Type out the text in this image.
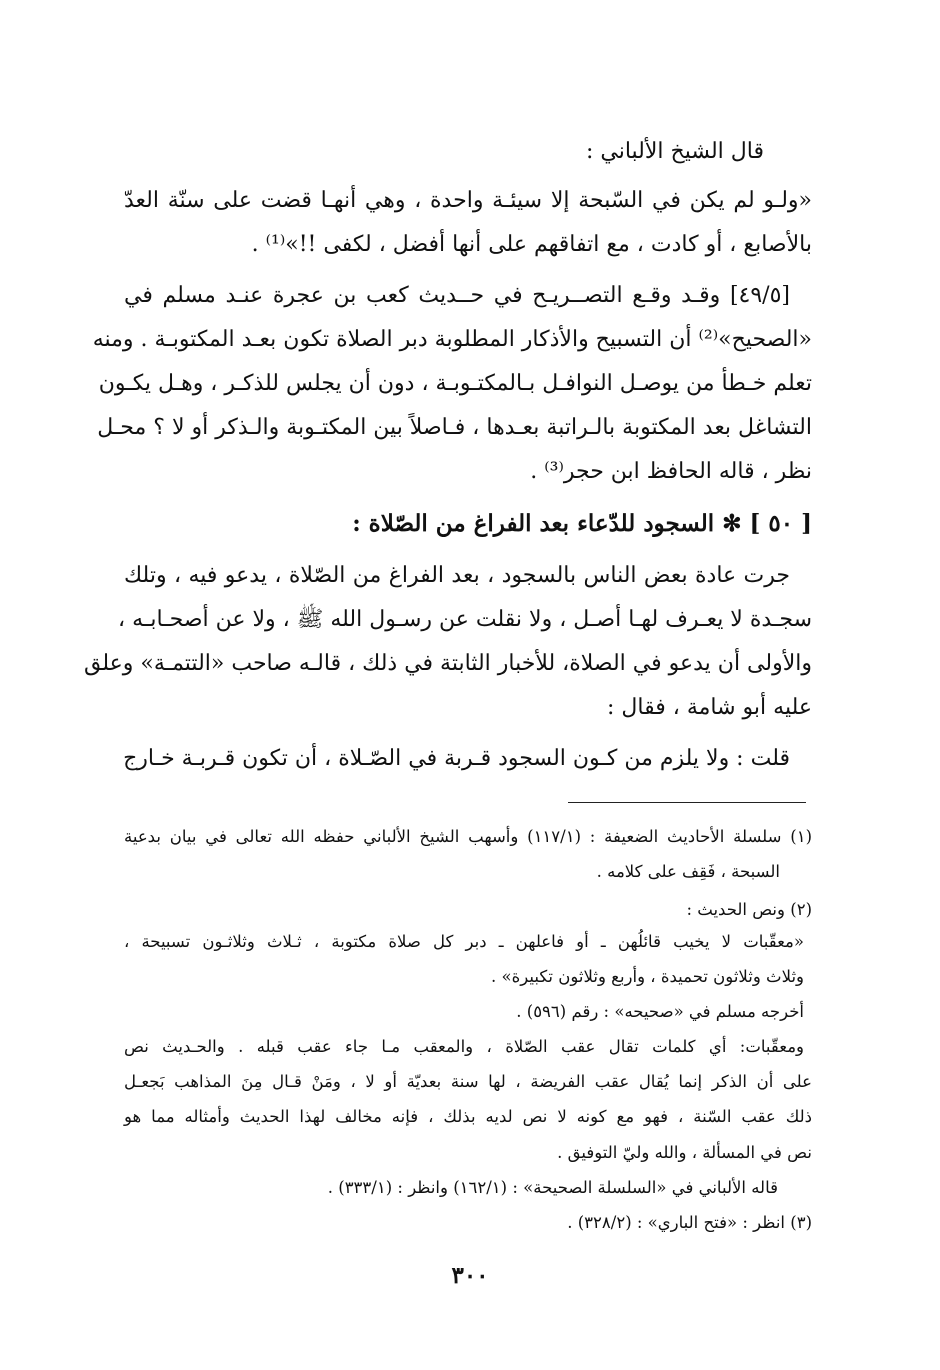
قال الشيخ الألباني :
«ولـو لم يكن في السّبحة إلا سيئـة واحدة ، وهي أنهـا قضت على سنّة العدّ
بالأصابع ، أو كادت ، مع اتفاقهم على أنها أفضل ، لكفى !!»⁽¹⁾ .
[٤٩/٥] وقـد وقـع التصــريـح في حــديث كعب بن عجرة عنـد مسلم في
«الصحيح»⁽²⁾ أن التسبيح والأذكار المطلوبة دبر الصلاة تكون بعـد المكتوبـة . ومنه
تعلم خـطأ من يوصـل النوافـل بـالمكتـوبـة ، دون أن يجلس للذكـر ، وهـل يكـون
التشاغل بعد المكتوبة بالـراتبة بعـدها ، فـاصلاً بين المكتـوبة والـذكر أو لا ؟ محـل
نظر ، قاله الحافظ ابن حجر⁽³⁾ .
[ ٥٠ ] ✻ السجود للدّعاء بعد الفراغ من الصّلاة :
جرت عادة بعض الناس بالسجود ، بعد الفراغ من الصّلاة ، يدعو فيه ، وتلك
سجـدة لا يعـرف لهـا أصـل ، ولا نقلت عن رسـول الله ﷺ ، ولا عن أصحـابـه ،
والأولى أن يدعو في الصلاة، للأخبار الثابتة في ذلك ، قالـه صاحب «التتمـة» وعلق
عليه أبو شامة ، فقال :
قلت : ولا يلزم من كـون السجود قـربة في الصّـلاة ، أن تكون قـربـة خـارج
(١) سلسلة الأحاديث الضعيفة : (١١٧/١) وأسهب الشيخ الألباني حفظه الله تعالى في بيان بدعية
السبحة ، فَقِف على كلامه .
(٢) ونص الحديث :
«معقّبات لا يخيب قائلُهن ـ أو فاعلهن ـ دبر كل صلاة مكتوبة ، ثـلاث وثلاثـون تسبيحة ،
وثلاث وثلاثون تحميدة ، وأربع وثلاثون تكبيرة» .
أخرجه مسلم في «صحيحه» : رقم (٥٩٦) .
ومعقّبات: أي كلمات تقال عقب الصّلاة ، والمعقب مـا جاء عقب قبله . والحـديث نص
على أن الذكر إنما يُقال عقب الفريضة ، لها سنة بعديّة أو لا ، ومَنْ قـال مِنَ المذاهب بَجعـل
ذلك عقب السّنة ، فهو مع كونه لا نص لديه بذلك ، فإنه مخالف لهذا الحديث وأمثاله مما هو
نص في المسألة ، والله وليّ التوفيق .
قاله الألباني في «السلسلة الصحيحة» : (١٦٢/١) وانظر : (٣٣٣/١) .
(٣) انظر : «فتح الباري» : (٣٢٨/٢) .
٣٠٠
